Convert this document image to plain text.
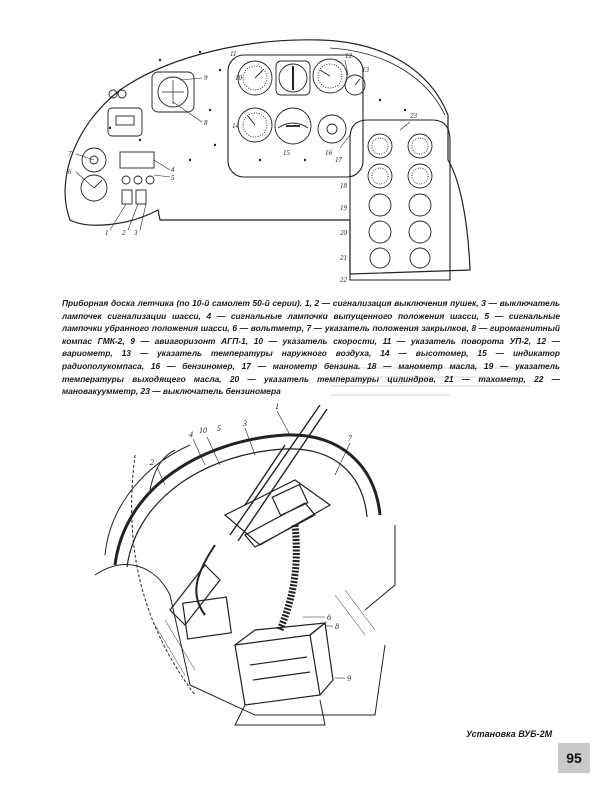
1 2 3
4
5
6
7
8
9	10
11	12
13
14
15	16
17
18
19
20
21
22
23

Приборная доска летчика (по 10-й самолет 50-й серии). 1, 2 — сигнализация выключения пушек, 3 — выключатель лампочек сигнализации шасси, 4 — сигнальные лампочки выпущенного положения шасси, 5 — сигнальные лампочки убранного положения шасси, 6 — вольтметр, 7 — указатель положения закрылков, 8 — гиромагнитный компас ГМК-2, 9 — авиагоризонт АГП-1, 10 — указатель скорости, 11 — указатель поворота УП-2, 12 — вариометр, 13 — указатель температуры наружного воздуха, 14 — высотомер, 15 — индикатор радиополукомпаса, 16 — бензиномер, 17 — манометр бензина. 18 — манометр масла, 19 — указатель температуры выходящего масла, 20 — указатель температуры цилиндров, 21 — тахометр, 22 — мановакуумметр, 23 — выключатель бензиномера

1
2
3
4
5
6
7
8
9
10
Установка ВУБ-2М
95
